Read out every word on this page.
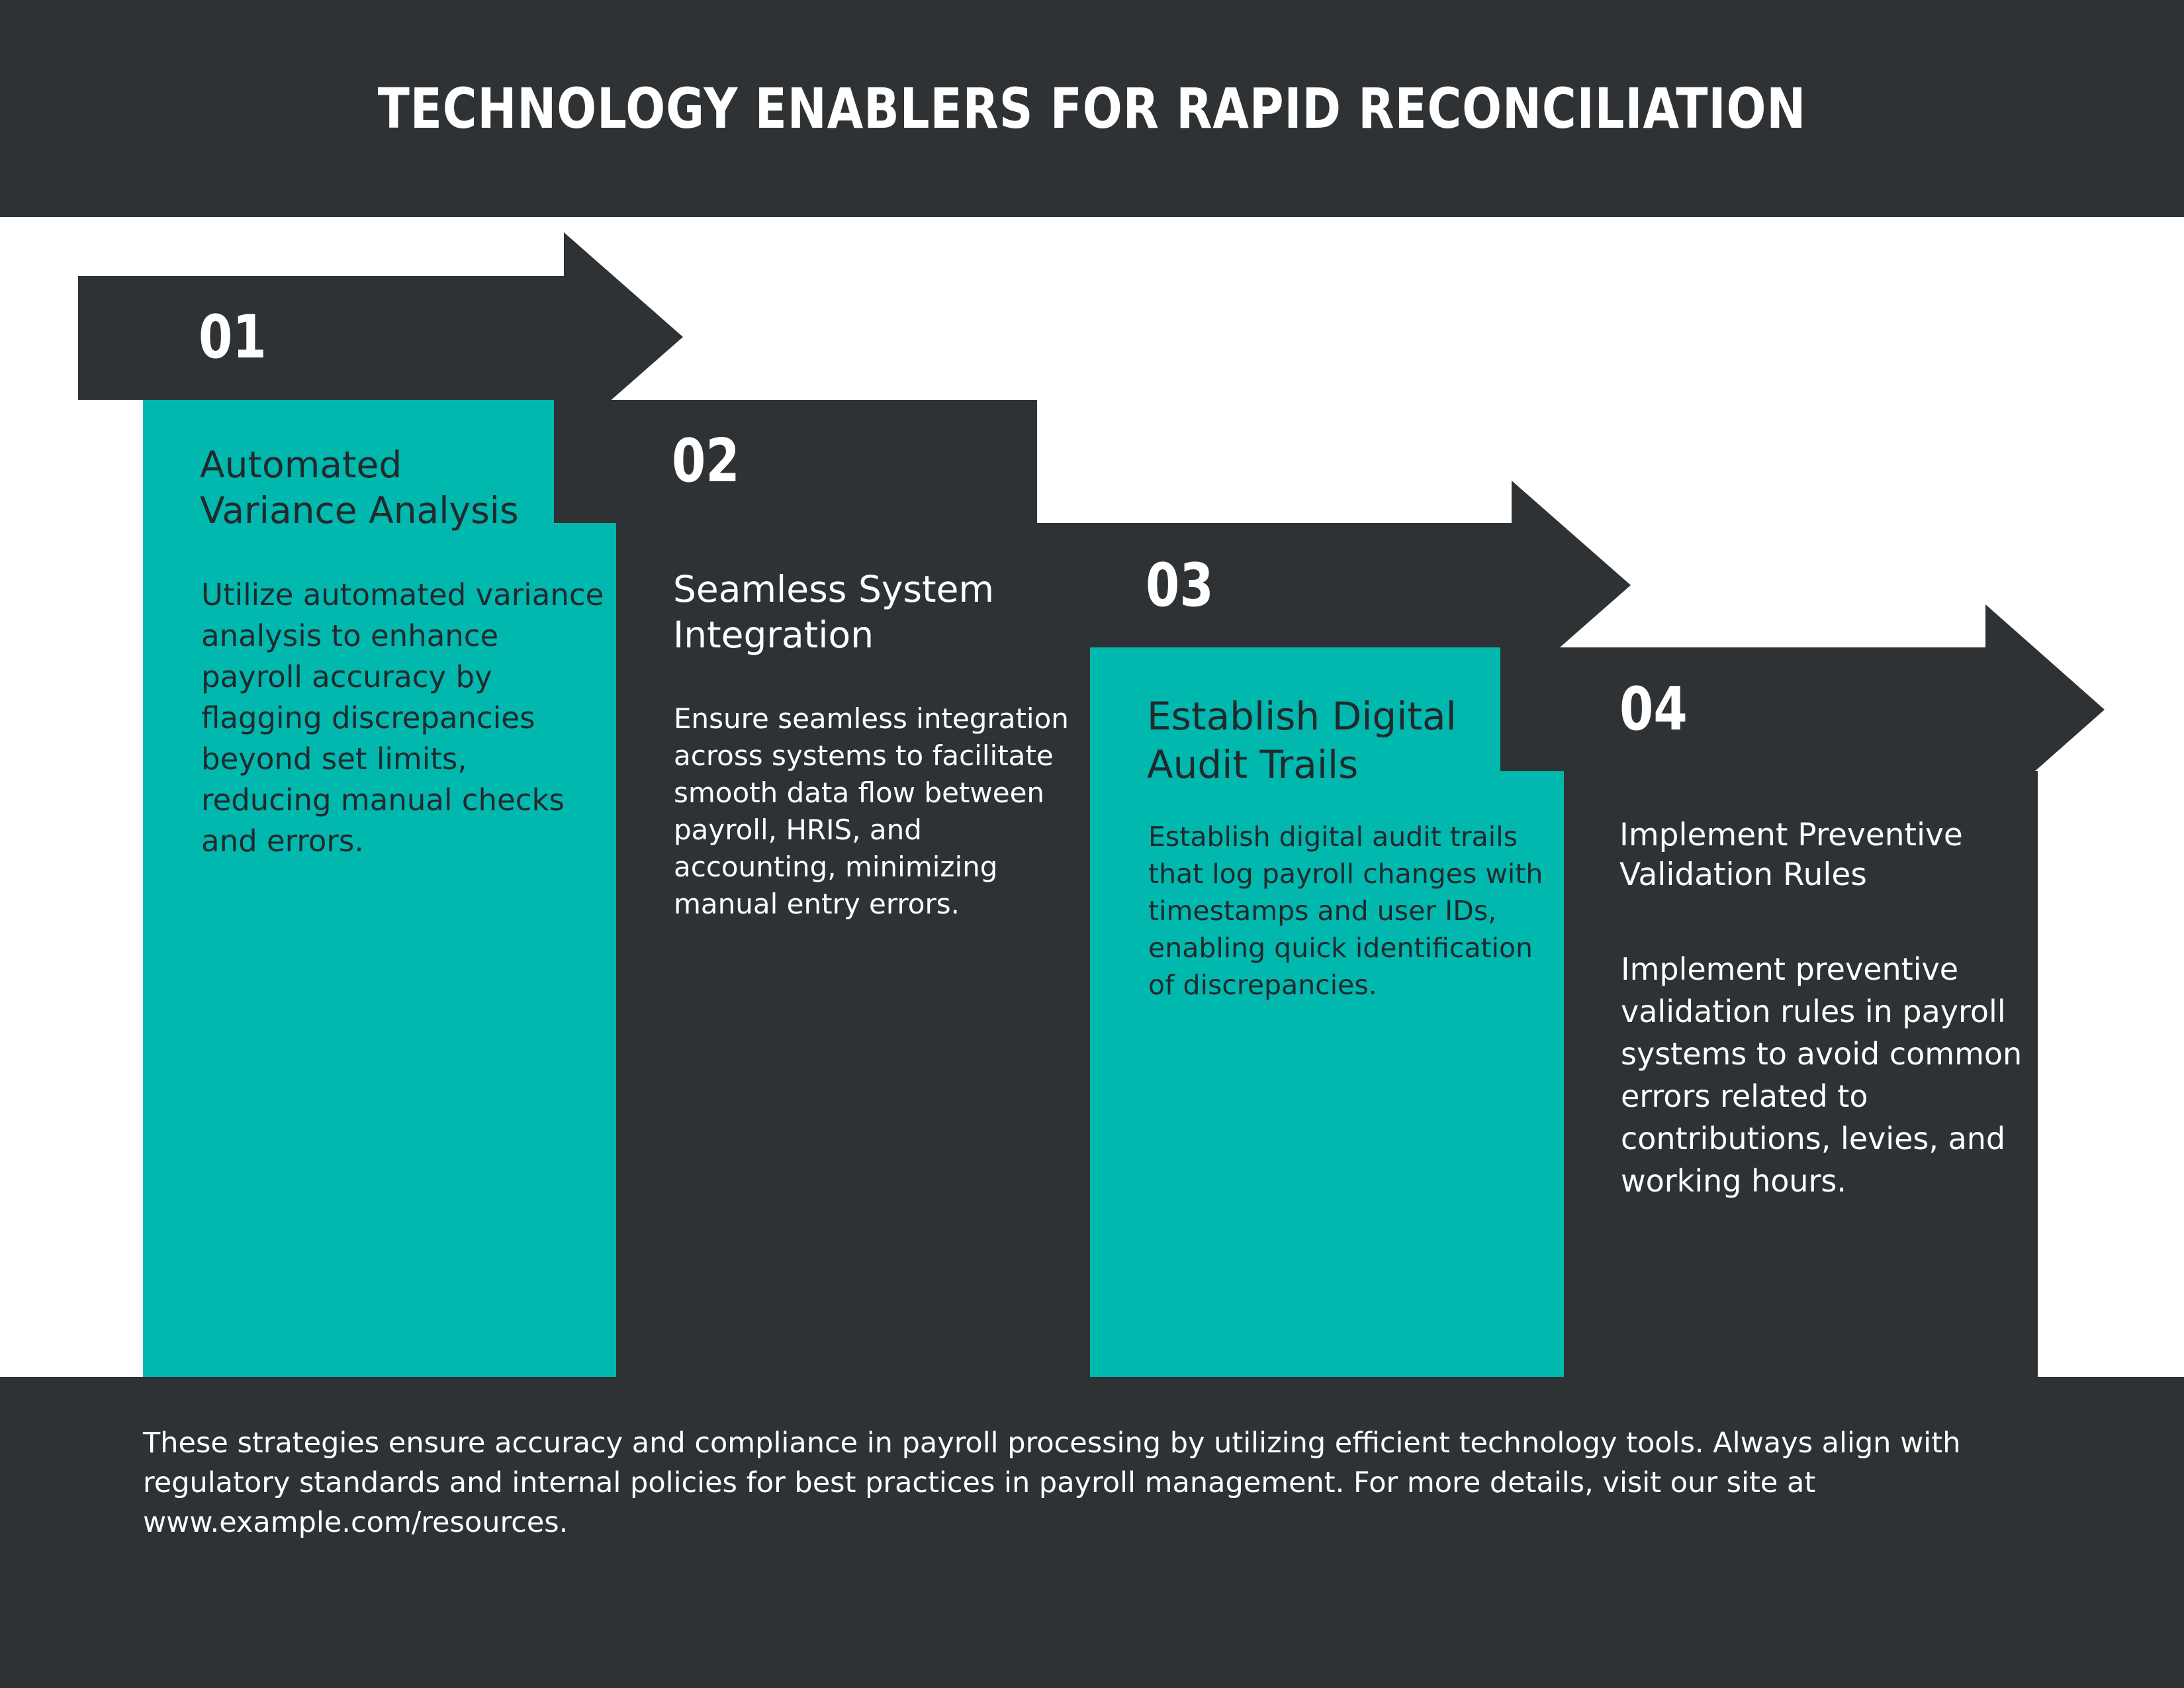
TECHNOLOGY ENABLERS FOR RAPID RECONCILIATION
01
Automated Variance Analysis
Utilize automated variance analysis to enhance payroll accuracy by flagging discrepancies beyond set limits, reducing manual checks and errors.
02
Seamless System Integration
Ensure seamless integration across systems to facilitate smooth data flow between payroll, HRIS, and accounting, minimizing manual entry errors.
03
Establish Digital Audit Trails
Establish digital audit trails that log payroll changes with timestamps and user IDs, enabling quick identification of discrepancies.
04
Implement Preventive Validation Rules
Implement preventive validation rules in payroll systems to avoid common errors related to contributions, levies, and working hours.

These strategies ensure accuracy and compliance in payroll processing by utilizing efficient technology tools. Always align with regulatory standards and internal policies for best practices in payroll management. For more details, visit our site at www.example.com/resources.
